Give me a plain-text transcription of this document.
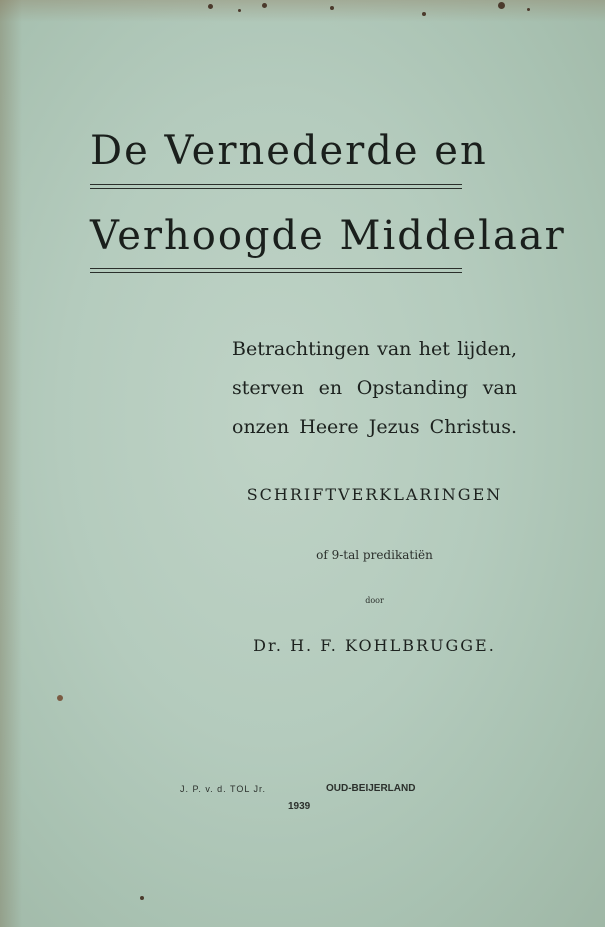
De Vernederde en
Verhoogde Middelaar
Betrachtingen van het lijden,
sterven en Opstanding van
onzen Heere Jezus Christus.
SCHRIFTVERKLARINGEN
of 9-tal predikatiën
door
Dr. H. F. KOHLBRUGGE.
J. P. v. d. TOL Jr.	OUD-BEIJERLAND
1939
